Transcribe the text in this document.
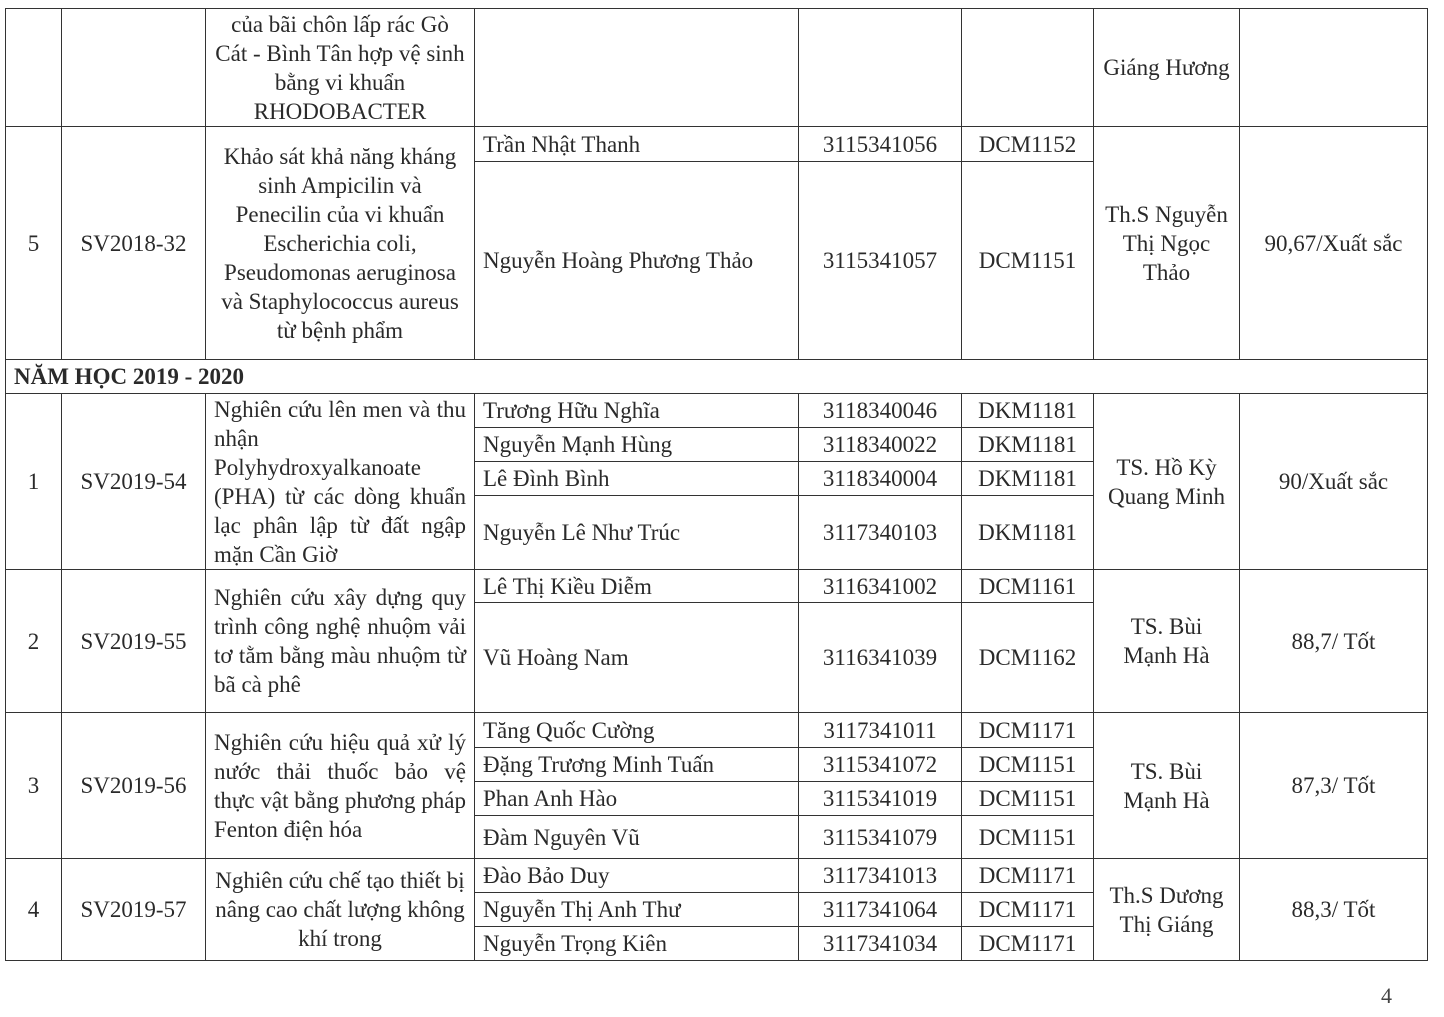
		của bãi chôn lấp rác Gò Cát - Bình Tân hợp vệ sinh bằng vi khuẩn RHODOBACTER				Giáng Hương	
5	SV2018-32	Khảo sát khả năng kháng sinh Ampicilin và Penecilin của vi khuẩn Escherichia coli, Pseudomonas aeruginosa và Staphylococcus aureus từ bệnh phẩm	Trần Nhật Thanh	3115341056	DCM1152	Th.S Nguyễn Thị Ngọc Thảo	90,67/Xuất sắc
			Nguyễn Hoàng Phương Thảo	3115341057	DCM1151		
NĂM HỌC 2019 - 2020							
1	SV2019-54	Nghiên cứu lên men và thu nhận Polyhydroxyalkanoate (PHA) từ các dòng khuẩn lạc phân lập từ đất ngập mặn Cần Giờ	Trương Hữu Nghĩa	3118340046	DKM1181	TS. Hồ Kỳ Quang Minh	90/Xuất sắc
			Nguyễn Mạnh Hùng	3118340022	DKM1181		
			Lê Đình Bình	3118340004	DKM1181		
			Nguyễn Lê Như Trúc	3117340103	DKM1181		
2	SV2019-55	Nghiên cứu xây dựng quy trình công nghệ nhuộm vải tơ tằm bằng màu nhuộm từ bã cà phê	Lê Thị Kiều Diễm	3116341002	DCM1161	TS. Bùi Mạnh Hà	88,7/ Tốt
			Vũ Hoàng Nam	3116341039	DCM1162		
3	SV2019-56	Nghiên cứu hiệu quả xử lý nước thải thuốc bảo vệ thực vật bằng phương pháp Fenton điện hóa	Tăng Quốc Cường	3117341011	DCM1171	TS. Bùi Mạnh Hà	87,3/ Tốt
			Đặng Trương Minh Tuấn	3115341072	DCM1151		
			Phan Anh Hào	3115341019	DCM1151		
			Đàm Nguyên Vũ	3115341079	DCM1151		
4	SV2019-57	Nghiên cứu chế tạo thiết bị nâng cao chất lượng không khí trong	Đào Bảo Duy	3117341013	DCM1171	Th.S Dương Thị Giáng	88,3/ Tốt
			Nguyễn Thị Anh Thư	3117341064	DCM1171		
			Nguyễn Trọng Kiên	3117341034	DCM1171		
4
